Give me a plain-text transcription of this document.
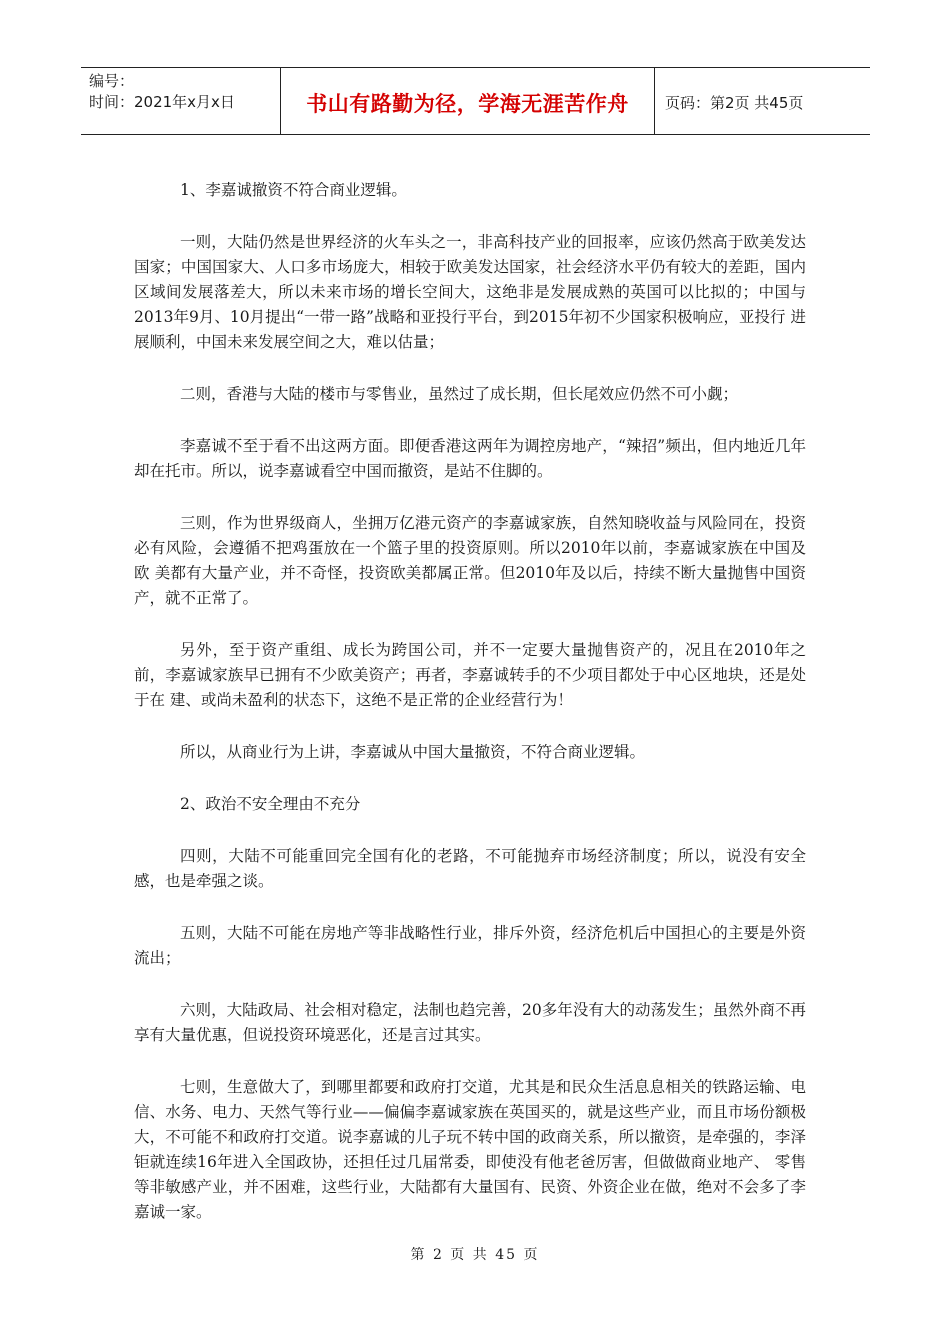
编号：
时间：2021年x月x日	书山有路勤为径，学海无涯苦作舟	页码：第2页 共45页

1、李嘉诚撤资不符合商业逻辑。

一则，大陆仍然是世界经济的火车头之一，非高科技产业的回报率，应该仍然高于欧美发达国家；中国国家大、人口多市场庞大，相较于欧美发达国家，社会经济水平仍有较大的差距，国内 区域间发展落差大，所以未来市场的增长空间大，这绝非是发展成熟的英国可以比拟的；中国与2013年9月、10月提出“一带一路”战略和亚投行平台，到2015年初不少国家积极响应，亚投行 进展顺利，中国未来发展空间之大，难以估量；

二则，香港与大陆的楼市与零售业，虽然过了成长期，但长尾效应仍然不可小觑；

李嘉诚不至于看不出这两方面。即便香港这两年为调控房地产，“辣招”频出，但内地近几年却在托市。所以，说李嘉诚看空中国而撤资，是站不住脚的。

三则，作为世界级商人，坐拥万亿港元资产的李嘉诚家族，自然知晓收益与风险同在，投资必有风险，会遵循不把鸡蛋放在一个篮子里的投资原则。所以2010年以前，李嘉诚家族在中国及欧 美都有大量产业，并不奇怪，投资欧美都属正常。但2010年及以后，持续不断大量抛售中国资产，就不正常了。

另外，至于资产重组、成长为跨国公司，并不一定要大量抛售资产的，况且在2010年之前，李嘉诚家族早已拥有不少欧美资产；再者，李嘉诚转手的不少项目都处于中心区地块，还是处于在 建、或尚未盈利的状态下，这绝不是正常的企业经营行为！

所以，从商业行为上讲，李嘉诚从中国大量撤资，不符合商业逻辑。

2、政治不安全理由不充分

四则，大陆不可能重回完全国有化的老路，不可能抛弃市场经济制度；所以，说没有安全感，也是牵强之谈。

五则，大陆不可能在房地产等非战略性行业，排斥外资，经济危机后中国担心的主要是外资流出；

六则，大陆政局、社会相对稳定，法制也趋完善，20多年没有大的动荡发生；虽然外商不再享有大量优惠，但说投资环境恶化，还是言过其实。

七则，生意做大了，到哪里都要和政府打交道，尤其是和民众生活息息相关的铁路运输、电信、水务、电力、天然气等行业——偏偏李嘉诚家族在英国买的，就是这些产业，而且市场份额极 大，不可能不和政府打交道。说李嘉诚的儿子玩不转中国的政商关系，所以撤资，是牵强的，李泽钜就连续16年进入全国政协，还担任过几届常委，即使没有他老爸厉害，但做做商业地产、 零售等非敏感产业，并不困难，这些行业，大陆都有大量国有、民资、外资企业在做，绝对不会多了李嘉诚一家。

第 2 页 共 45 页
